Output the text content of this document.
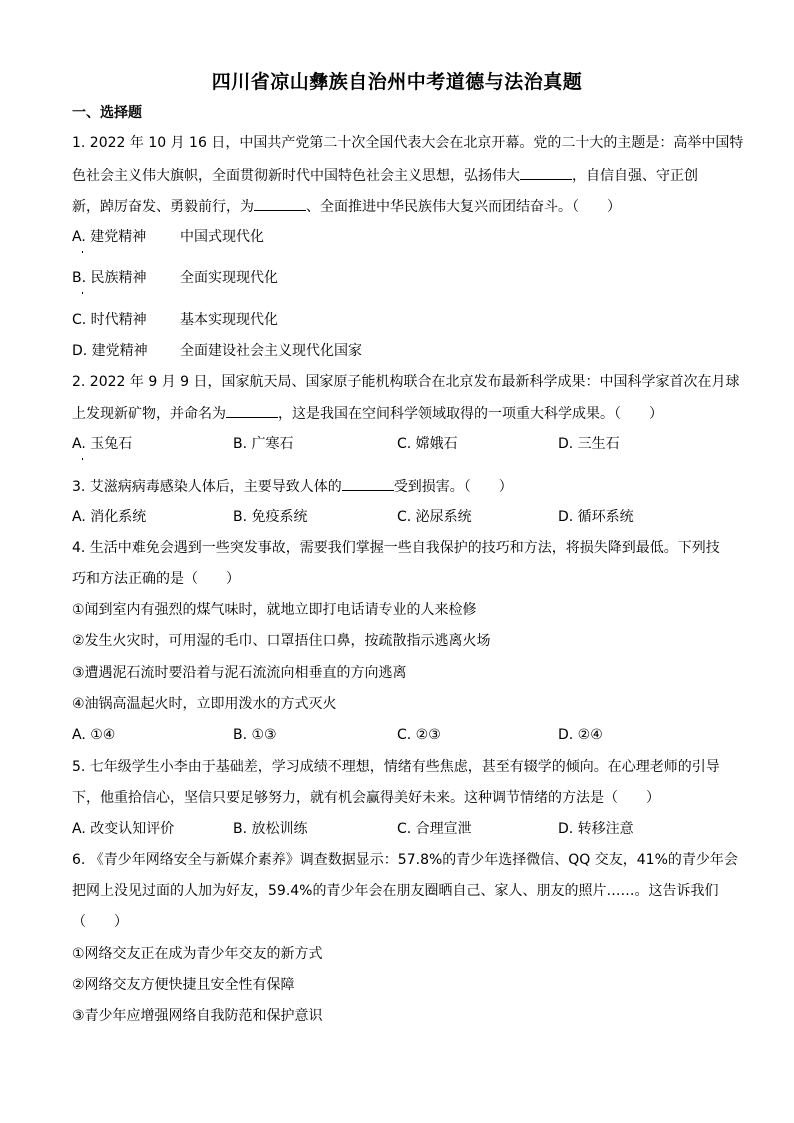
四川省凉山彝族自治州中考道德与法治真题
一、选择题
1. 2022 年 10 月 16 日，中国共产党第二十次全国代表大会在北京开幕。党的二十大的主题是：高举中国特
色社会主义伟大旗帜，全面贯彻新时代中国特色社会主义思想，弘扬伟大	，自信自强、守正创
新，踔厉奋发、勇毅前行，为	、全面推进中华民族伟大复兴而团结奋斗。（　　）
A. 建党精神 中国式现代化
B. 民族精神 全面实现现代化
C. 时代精神 基本实现现代化
D. 建党精神 全面建设社会主义现代化国家
2. 2022 年 9 月 9 日，国家航天局、国家原子能机构联合在北京发布最新科学成果：中国科学家首次在月球
上发现新矿物，并命名为	，这是我国在空间科学领域取得的一项重大科学成果。（　　）
A. 玉兔石	B. 广寒石	C. 嫦娥石	D. 三生石
3. 艾滋病病毒感染人体后，主要导致人体的	受到损害。（　　）
A. 消化系统	B. 免疫系统	C. 泌尿系统	D. 循环系统
4. 生活中难免会遇到一些突发事故，需要我们掌握一些自我保护的技巧和方法，将损失降到最低。下列技
巧和方法正确的是（　　）
①闻到室内有强烈的煤气味时，就地立即打电话请专业的人来检修
②发生火灾时，可用湿的毛巾、口罩捂住口鼻，按疏散指示逃离火场
③遭遇泥石流时要沿着与泥石流流向相垂直的方向逃离
④油锅高温起火时，立即用泼水的方式灭火
A. ①④	B. ①③	C. ②③	D. ②④
5. 七年级学生小李由于基础差，学习成绩不理想，情绪有些焦虑，甚至有辍学的倾向。在心理老师的引导
下，他重拾信心，坚信只要足够努力，就有机会赢得美好未来。这种调节情绪的方法是（　　）
A. 改变认知评价	B. 放松训练	C. 合理宣泄	D. 转移注意
6. 《青少年网络安全与新媒介素养》调查数据显示：57.8%的青少年选择微信、QQ 交友，41%的青少年会
把网上没见过面的人加为好友，59.4%的青少年会在朋友圈晒自己、家人、朋友的照片……。这告诉我们
（　　）
①网络交友正在成为青少年交友的新方式
②网络交友方便快捷且安全性有保障
③青少年应增强网络自我防范和保护意识
